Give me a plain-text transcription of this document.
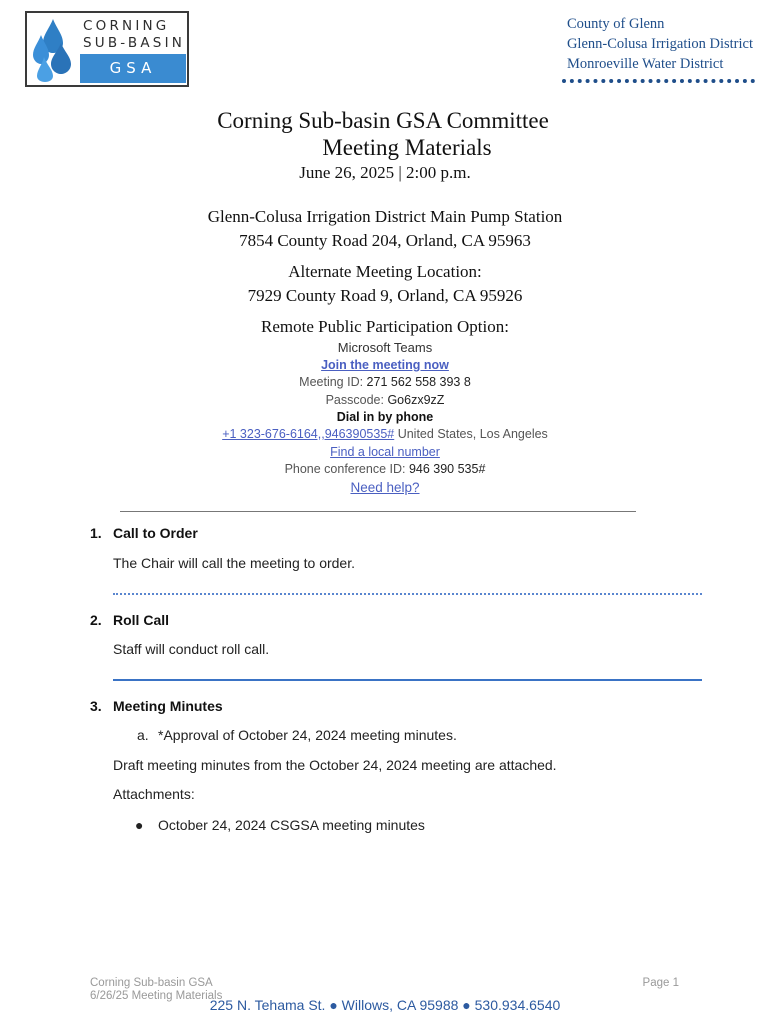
CORNING
SUB-BASIN
GSA
County of Glenn
Glenn-Colusa Irrigation District
Monroeville Water District
Corning Sub-basin GSA Committee
Meeting Materials
June 26, 2025 | 2:00 p.m.
Glenn-Colusa Irrigation District Main Pump Station
7854 County Road 204, Orland, CA 95963
Alternate Meeting Location:
7929 County Road 9, Orland, CA 95926
Remote Public Participation Option:
Microsoft Teams
Join the meeting now
Meeting ID: 271 562 558 393 8
Passcode: Go6zx9zZ
Dial in by phone
+1 323-676-6164,,946390535# United States, Los Angeles
Find a local number
Phone conference ID: 946 390 535#
Need help?
1. Call to Order
The Chair will call the meeting to order.
2. Roll Call
Staff will conduct roll call.
3. Meeting Minutes
a. *Approval of October 24, 2024 meeting minutes.
Draft meeting minutes from the October 24, 2024 meeting are attached.
Attachments:
● October 24, 2024 CSGSA meeting minutes
Corning Sub-basin GSA
6/26/25 Meeting Materials
Page 1
225 N. Tehama St. ● Willows, CA 95988 ● 530.934.6540
